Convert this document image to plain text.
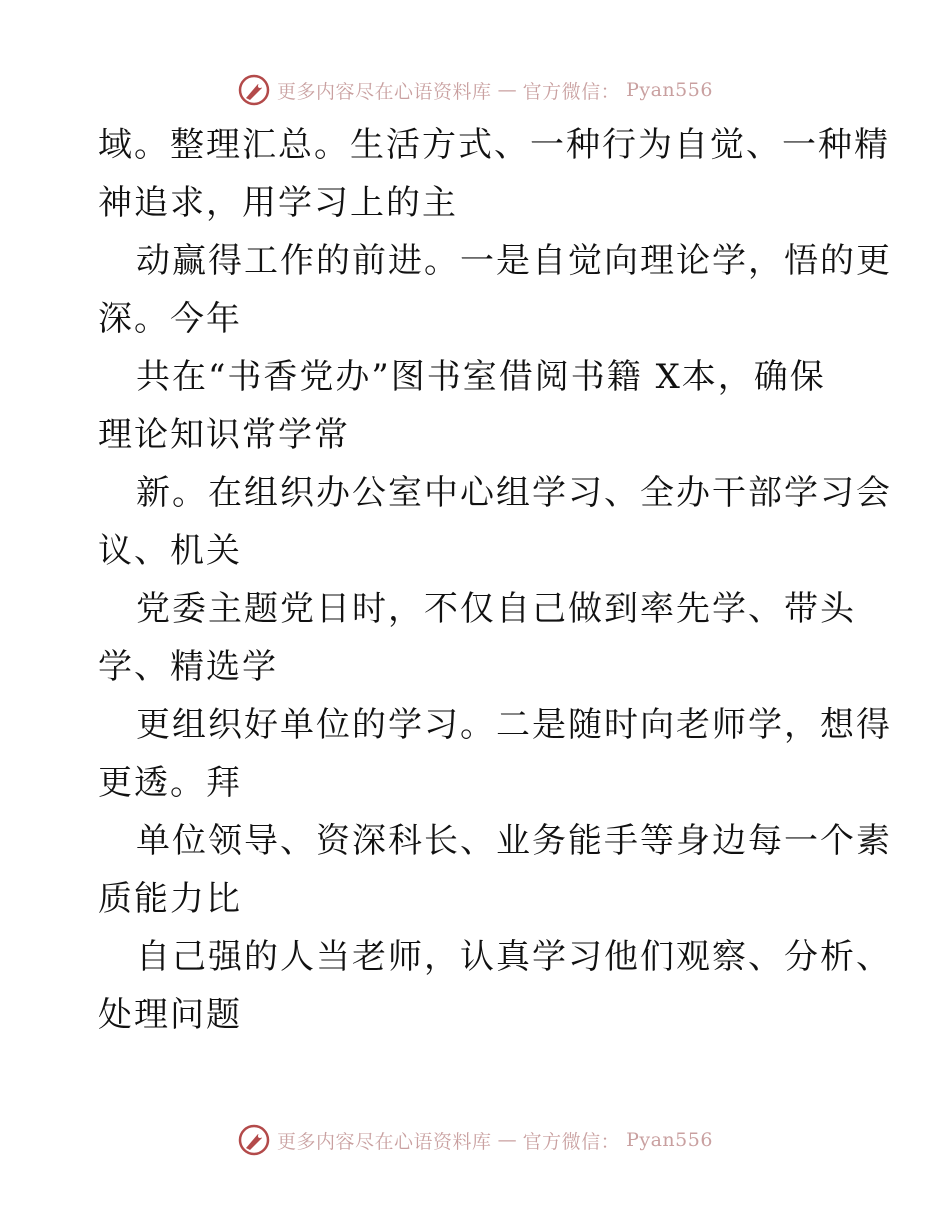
更多内容尽在心语资料库 — 官方微信： Pyan556
域。整理汇总。生活方式、一种行为自觉、一种精
神追求，用学习上的主
动赢得工作的前进。一是自觉向理论学，悟的更
深。今年
共在“书香党办”图书室借阅书籍 X本，确保
理论知识常学常
新。在组织办公室中心组学习、全办干部学习会
议、机关
党委主题党日时，不仅自己做到率先学、带头
学、精选学
更组织好单位的学习。二是随时向老师学，想得
更透。拜
单位领导、资深科长、业务能手等身边每一个素
质能力比
自己强的人当老师，认真学习他们观察、分析、
处理问题
更多内容尽在心语资料库 — 官方微信： Pyan556
